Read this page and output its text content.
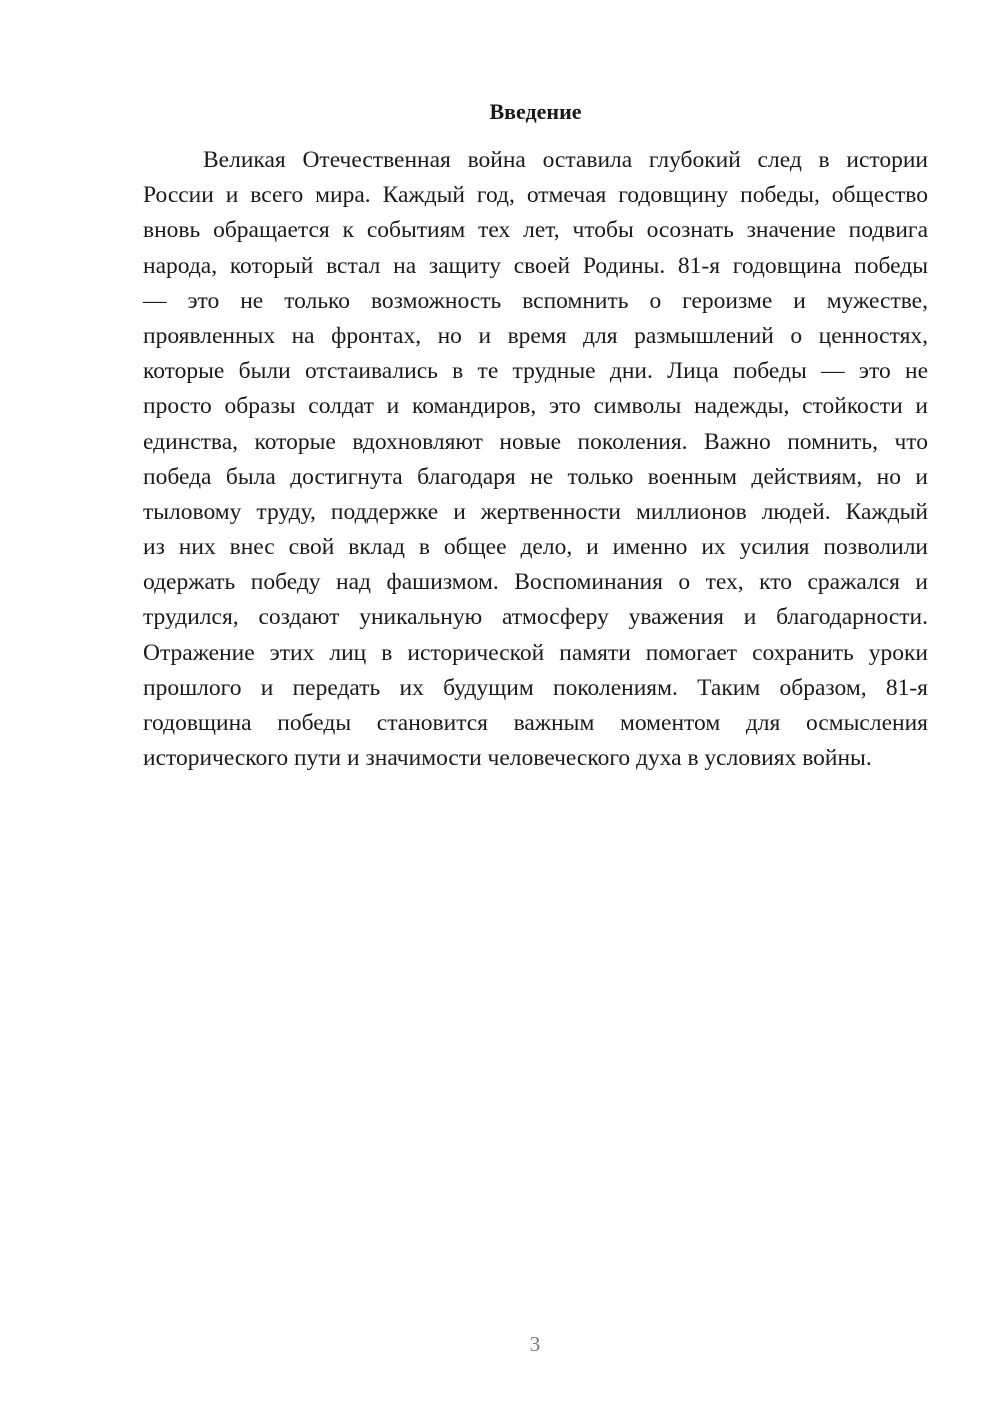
Введение
Великая Отечественная война оставила глубокий след в истории
России и всего мира. Каждый год, отмечая годовщину победы, общество
вновь обращается к событиям тех лет, чтобы осознать значение подвига
народа, который встал на защиту своей Родины. 81-я годовщина победы
— это не только возможность вспомнить о героизме и мужестве,
проявленных на фронтах, но и время для размышлений о ценностях,
которые были отстаивались в те трудные дни. Лица победы — это не
просто образы солдат и командиров, это символы надежды, стойкости и
единства, которые вдохновляют новые поколения. Важно помнить, что
победа была достигнута благодаря не только военным действиям, но и
тыловому труду, поддержке и жертвенности миллионов людей. Каждый
из них внес свой вклад в общее дело, и именно их усилия позволили
одержать победу над фашизмом. Воспоминания о тех, кто сражался и
трудился, создают уникальную атмосферу уважения и благодарности.
Отражение этих лиц в исторической памяти помогает сохранить уроки
прошлого и передать их будущим поколениям. Таким образом, 81-я
годовщина победы становится важным моментом для осмысления
исторического пути и значимости человеческого духа в условиях войны.
3
